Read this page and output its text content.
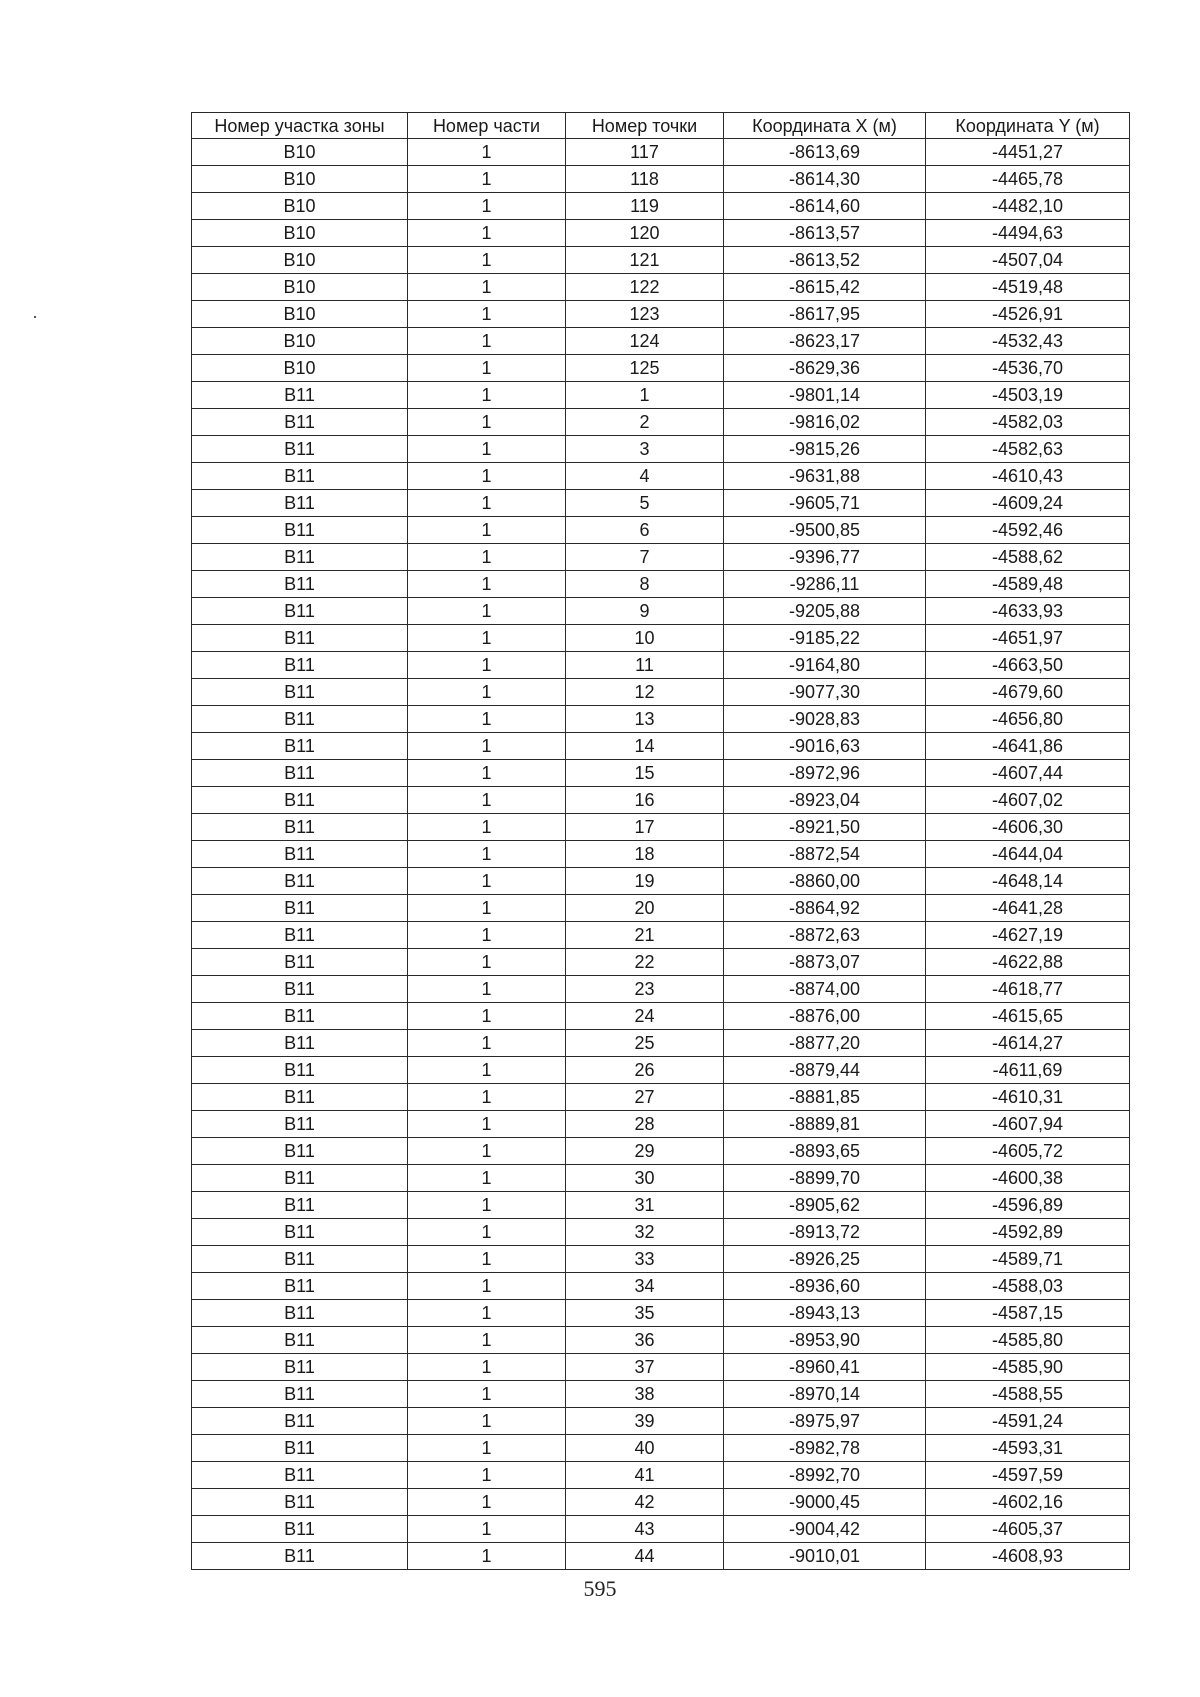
Номер участка зоны	Номер части	Номер точки	Координата X (м)	Координата Y (м)
В10	1	117	-8613,69	-4451,27
В10	1	118	-8614,30	-4465,78
В10	1	119	-8614,60	-4482,10
В10	1	120	-8613,57	-4494,63
В10	1	121	-8613,52	-4507,04
В10	1	122	-8615,42	-4519,48
В10	1	123	-8617,95	-4526,91
В10	1	124	-8623,17	-4532,43
В10	1	125	-8629,36	-4536,70
В11	1	1	-9801,14	-4503,19
В11	1	2	-9816,02	-4582,03
В11	1	3	-9815,26	-4582,63
В11	1	4	-9631,88	-4610,43
В11	1	5	-9605,71	-4609,24
В11	1	6	-9500,85	-4592,46
В11	1	7	-9396,77	-4588,62
В11	1	8	-9286,11	-4589,48
В11	1	9	-9205,88	-4633,93
В11	1	10	-9185,22	-4651,97
В11	1	11	-9164,80	-4663,50
В11	1	12	-9077,30	-4679,60
В11	1	13	-9028,83	-4656,80
В11	1	14	-9016,63	-4641,86
В11	1	15	-8972,96	-4607,44
В11	1	16	-8923,04	-4607,02
В11	1	17	-8921,50	-4606,30
В11	1	18	-8872,54	-4644,04
В11	1	19	-8860,00	-4648,14
В11	1	20	-8864,92	-4641,28
В11	1	21	-8872,63	-4627,19
В11	1	22	-8873,07	-4622,88
В11	1	23	-8874,00	-4618,77
В11	1	24	-8876,00	-4615,65
В11	1	25	-8877,20	-4614,27
В11	1	26	-8879,44	-4611,69
В11	1	27	-8881,85	-4610,31
В11	1	28	-8889,81	-4607,94
В11	1	29	-8893,65	-4605,72
В11	1	30	-8899,70	-4600,38
В11	1	31	-8905,62	-4596,89
В11	1	32	-8913,72	-4592,89
В11	1	33	-8926,25	-4589,71
В11	1	34	-8936,60	-4588,03
В11	1	35	-8943,13	-4587,15
В11	1	36	-8953,90	-4585,80
В11	1	37	-8960,41	-4585,90
В11	1	38	-8970,14	-4588,55
В11	1	39	-8975,97	-4591,24
В11	1	40	-8982,78	-4593,31
В11	1	41	-8992,70	-4597,59
В11	1	42	-9000,45	-4602,16
В11	1	43	-9004,42	-4605,37
В11	1	44	-9010,01	-4608,93
595
